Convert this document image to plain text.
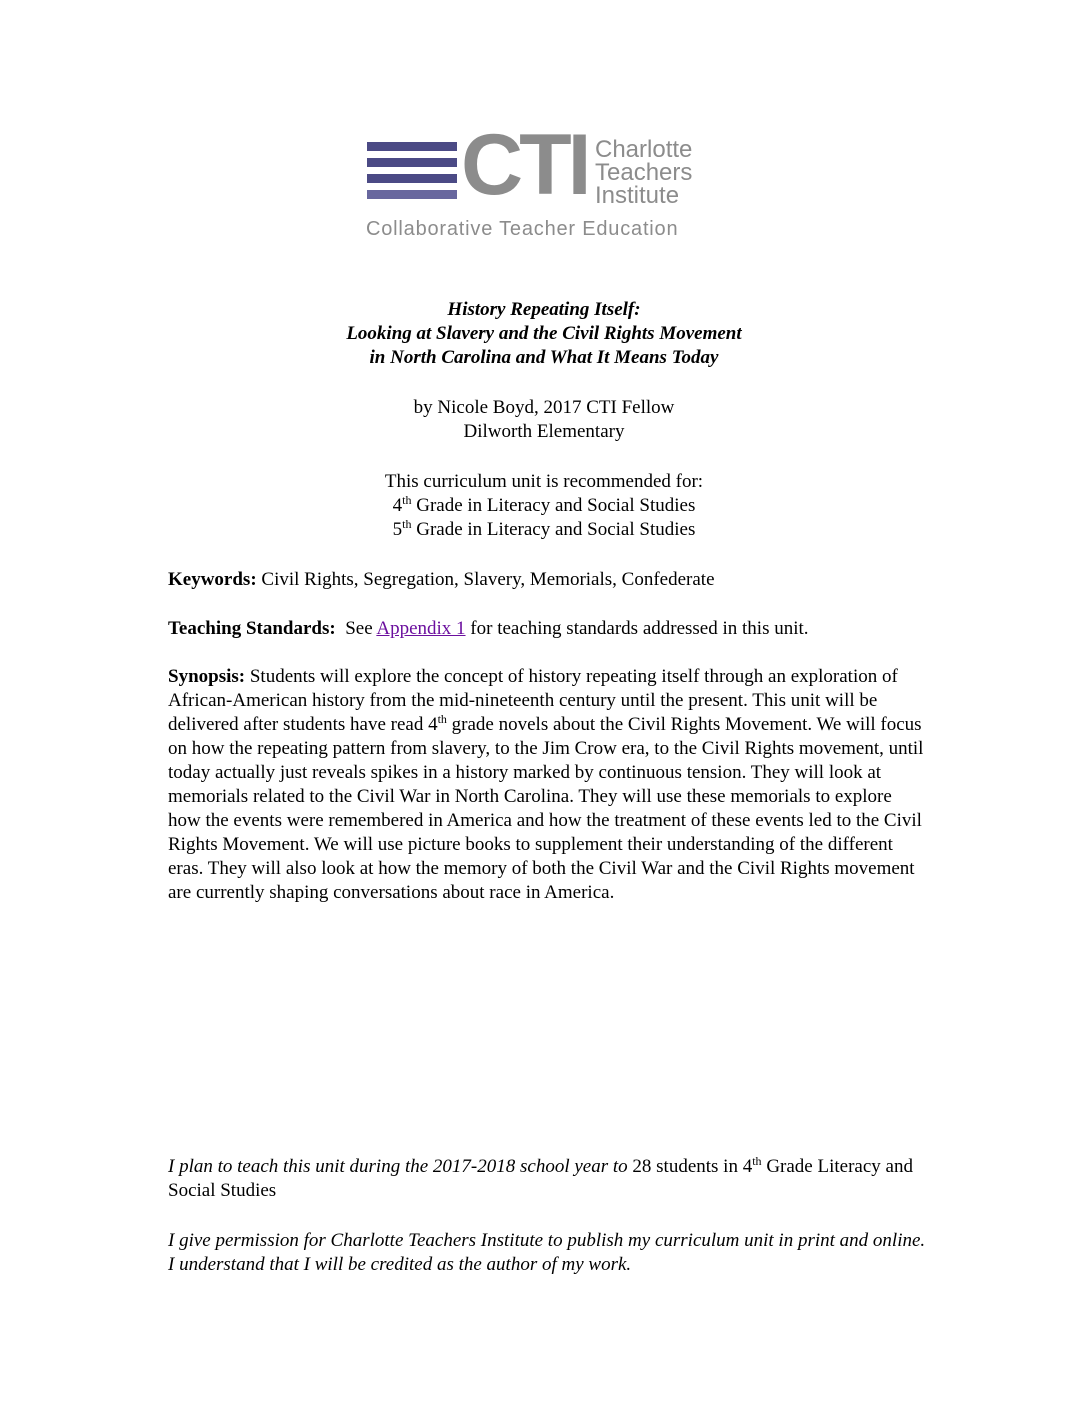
CTI Charlotte
Teachers
Institute
Collaborative Teacher Education
History Repeating Itself:
Looking at Slavery and the Civil Rights Movement
in North Carolina and What It Means Today
by Nicole Boyd, 2017 CTI Fellow
Dilworth Elementary
This curriculum unit is recommended for:
4th Grade in Literacy and Social Studies
5th Grade in Literacy and Social Studies
Keywords: Civil Rights, Segregation, Slavery, Memorials, Confederate
Teaching Standards:  See Appendix 1 for teaching standards addressed in this unit.
Synopsis: Students will explore the concept of history repeating itself through an exploration of African-American history from the mid-nineteenth century until the present. This unit will be delivered after students have read 4th grade novels about the Civil Rights Movement. We will focus on how the repeating pattern from slavery, to the Jim Crow era, to the Civil Rights movement, until today actually just reveals spikes in a history marked by continuous tension. They will look at memorials related to the Civil War in North Carolina. They will use these memorials to explore how the events were remembered in America and how the treatment of these events led to the Civil Rights Movement. We will use picture books to supplement their understanding of the different eras. They will also look at how the memory of both the Civil War and the Civil Rights movement are currently shaping conversations about race in America.
I plan to teach this unit during the 2017-2018 school year to 28 students in 4th Grade Literacy and Social Studies
I give permission for Charlotte Teachers Institute to publish my curriculum unit in print and online. I understand that I will be credited as the author of my work.
